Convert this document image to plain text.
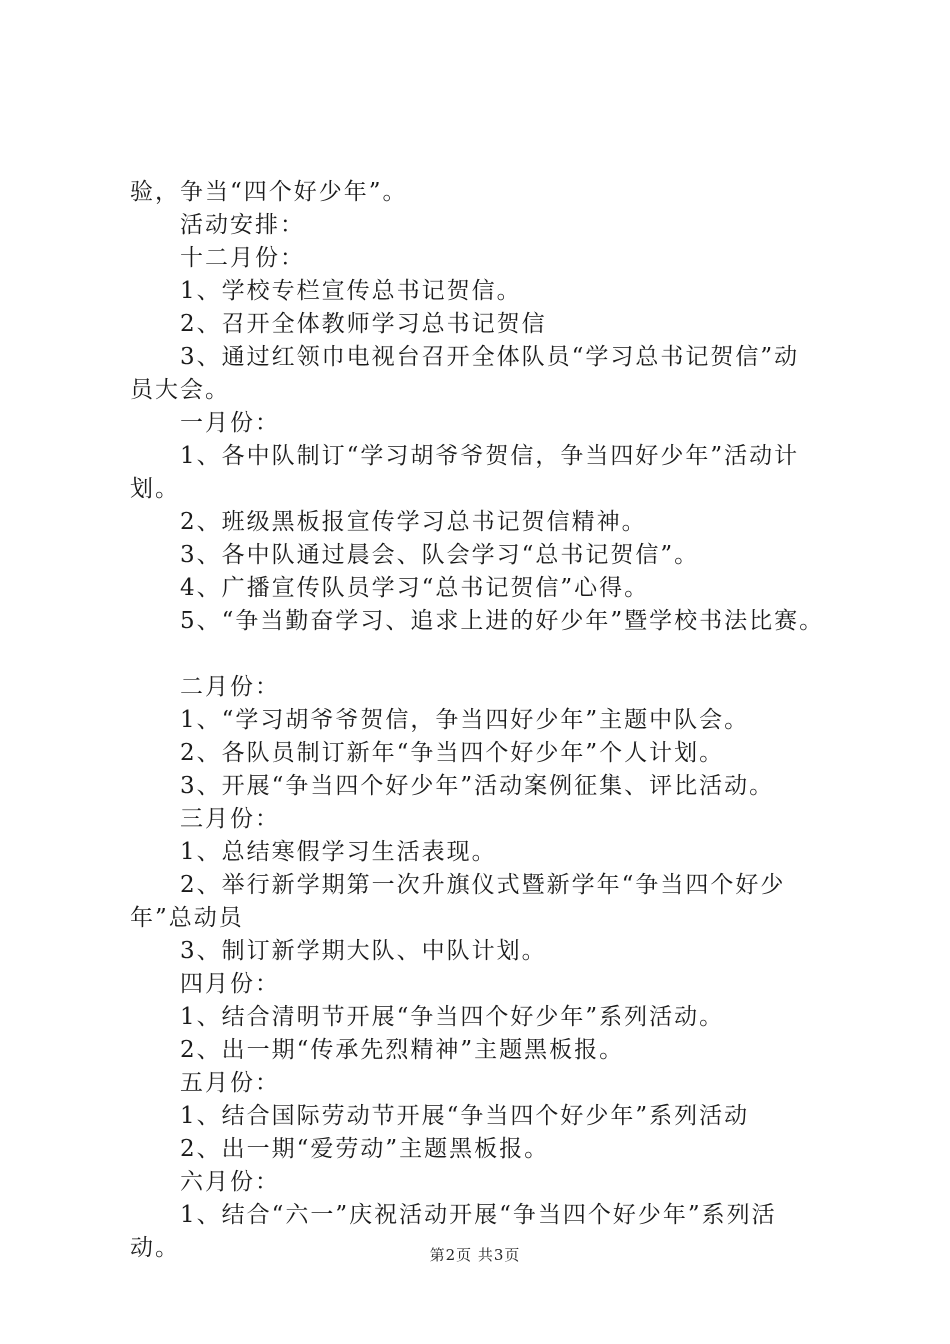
验，争当“四个好少年”。
活动安排：
十二月份：
1、学校专栏宣传总书记贺信。
2、召开全体教师学习总书记贺信
3、通过红领巾电视台召开全体队员“学习总书记贺信”动
员大会。
一月份：
1、各中队制订“学习胡爷爷贺信，争当四好少年”活动计
划。
2、班级黑板报宣传学习总书记贺信精神。
3、各中队通过晨会、队会学习“总书记贺信”。
4、广播宣传队员学习“总书记贺信”心得。
5、“争当勤奋学习、追求上进的好少年”暨学校书法比赛。
二月份：
1、“学习胡爷爷贺信，争当四好少年”主题中队会。
2、各队员制订新年“争当四个好少年”个人计划。
3、开展“争当四个好少年”活动案例征集、评比活动。
三月份：
1、总结寒假学习生活表现。
2、举行新学期第一次升旗仪式暨新学年“争当四个好少
年”总动员
3、制订新学期大队、中队计划。
四月份：
1、结合清明节开展“争当四个好少年”系列活动。
2、出一期“传承先烈精神”主题黑板报。
五月份：
1、结合国际劳动节开展“争当四个好少年”系列活动
2、出一期“爱劳动”主题黑板报。
六月份：
1、结合“六一”庆祝活动开展“争当四个好少年”系列活
动。	第2页 共3页
